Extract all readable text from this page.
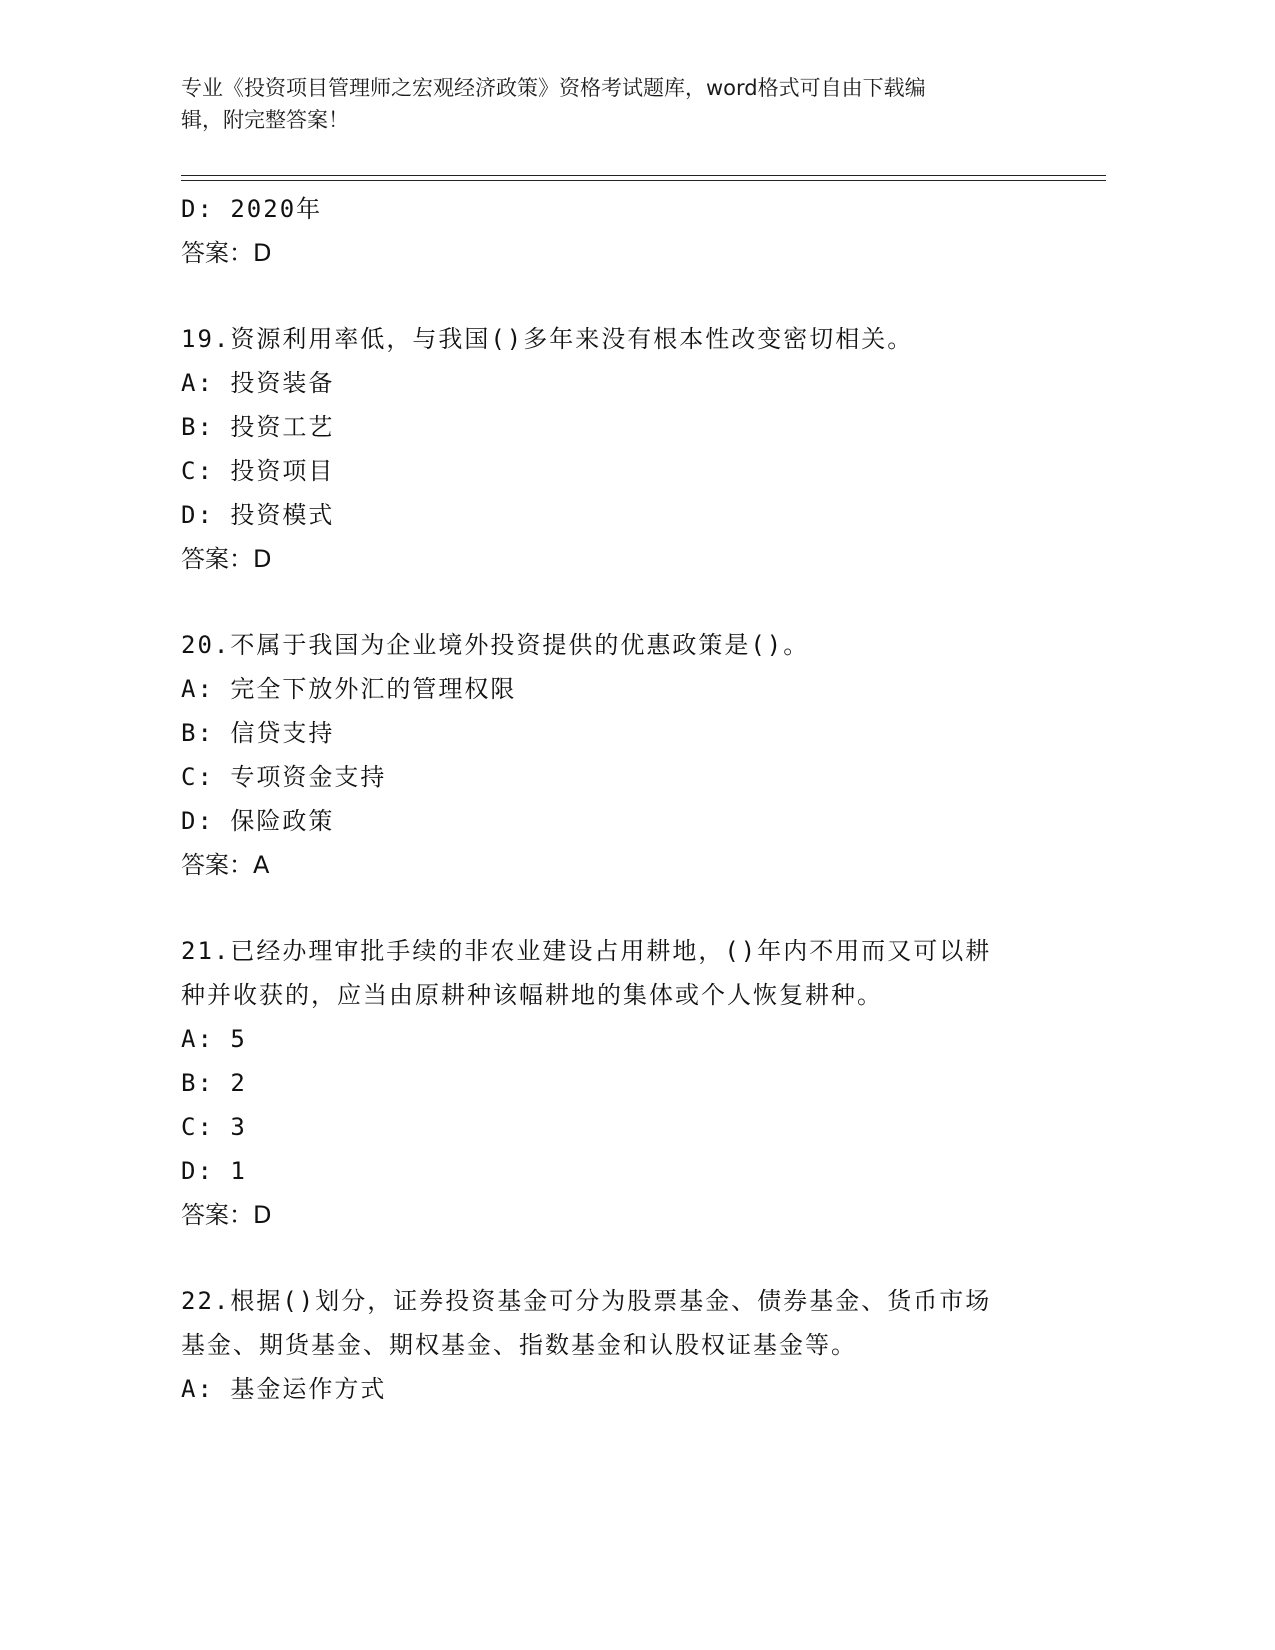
专业《投资项目管理师之宏观经济政策》资格考试题库，word格式可自由下载编
辑，附完整答案！
D: 2020年
答案：D
19.资源利用率低，与我国()多年来没有根本性改变密切相关。
A: 投资装备
B: 投资工艺
C: 投资项目
D: 投资模式
答案：D
20.不属于我国为企业境外投资提供的优惠政策是()。
A: 完全下放外汇的管理权限
B: 信贷支持
C: 专项资金支持
D: 保险政策
答案：A
21.已经办理审批手续的非农业建设占用耕地，()年内不用而又可以耕
种并收获的，应当由原耕种该幅耕地的集体或个人恢复耕种。
A: 5
B: 2
C: 3
D: 1
答案：D
22.根据()划分，证券投资基金可分为股票基金、债券基金、货币市场
基金、期货基金、期权基金、指数基金和认股权证基金等。
A: 基金运作方式
